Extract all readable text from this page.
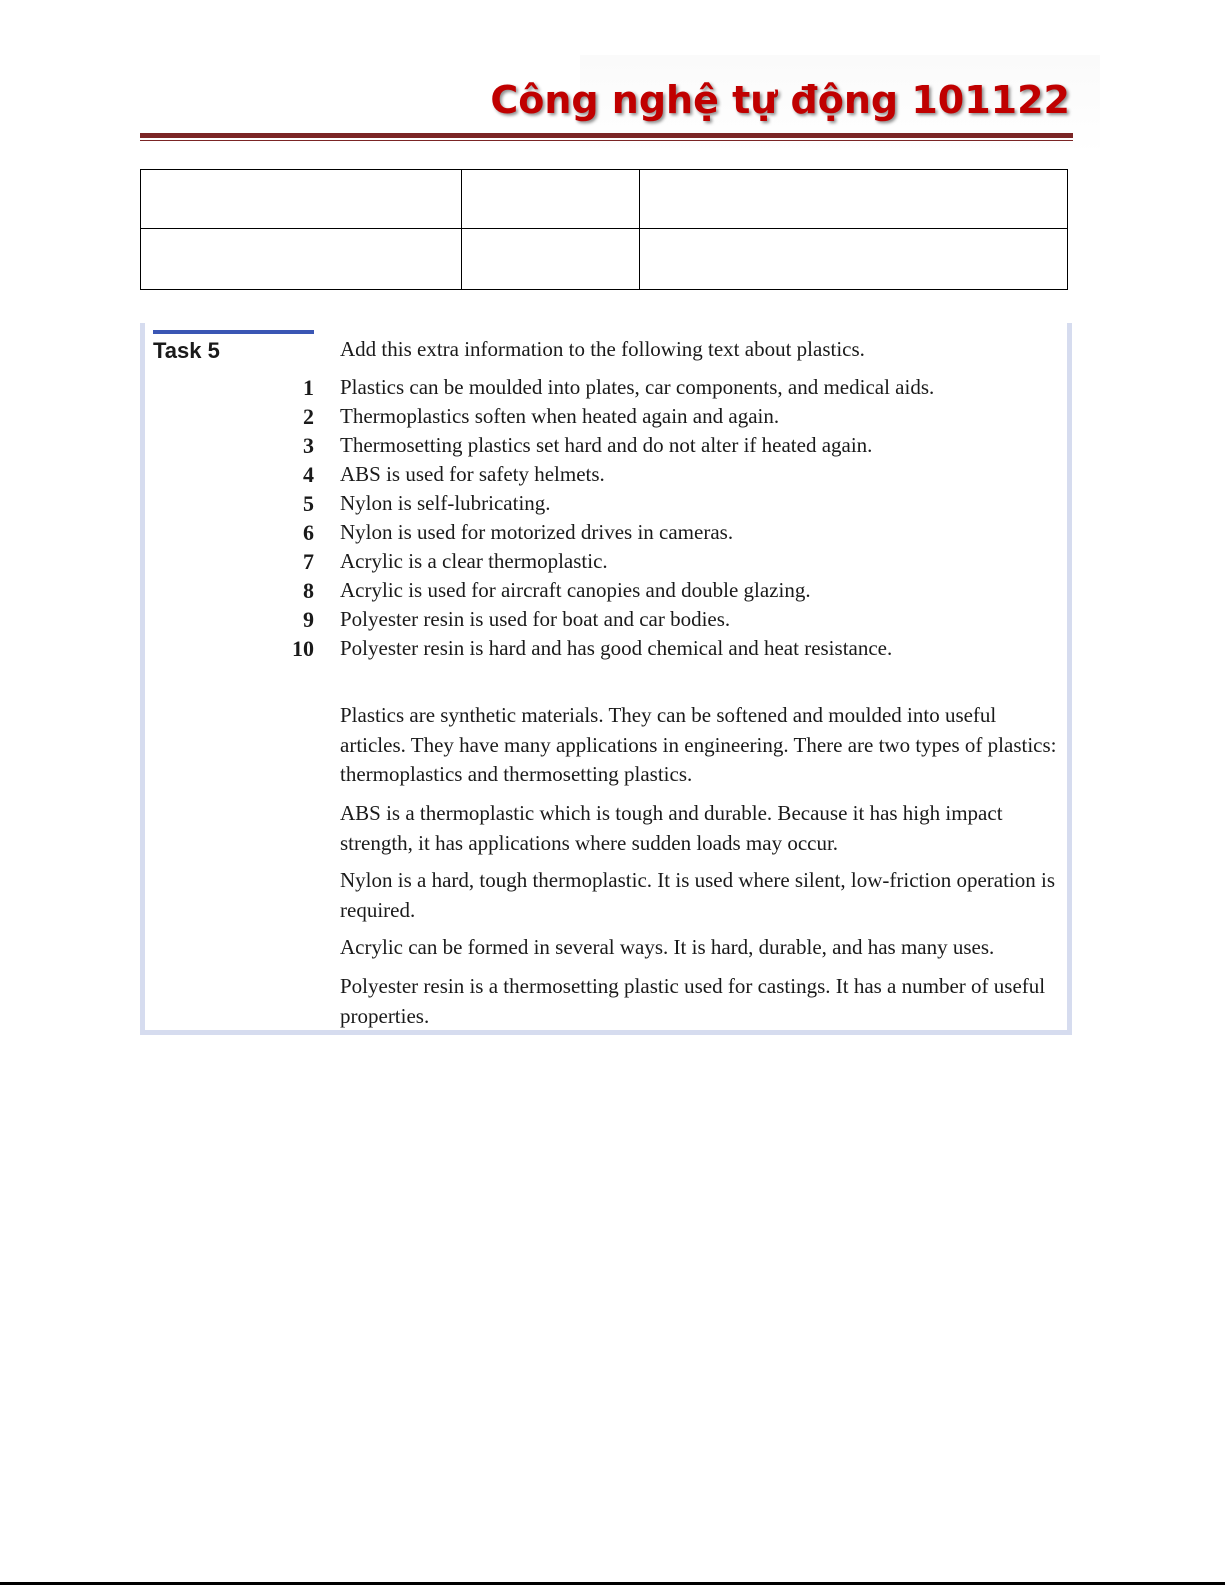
Công nghệ tự động 101122

Task 5	Add this extra information to the following text about plastics.
1 Plastics can be moulded into plates, car components, and medical aids.
2 Thermoplastics soften when heated again and again.
3 Thermosetting plastics set hard and do not alter if heated again.
4 ABS is used for safety helmets.
5 Nylon is self-lubricating.
6 Nylon is used for motorized drives in cameras.
7 Acrylic is a clear thermoplastic.
8 Acrylic is used for aircraft canopies and double glazing.
9 Polyester resin is used for boat and car bodies.
10 Polyester resin is hard and has good chemical and heat resistance.
Plastics are synthetic materials. They can be softened and moulded into useful articles. They have many applications in engineering. There are two types of plastics: thermoplastics and thermosetting plastics.
ABS is a thermoplastic which is tough and durable. Because it has high impact strength, it has applications where sudden loads may occur.
Nylon is a hard, tough thermoplastic. It is used where silent, low-friction operation is required.
Acrylic can be formed in several ways. It is hard, durable, and has many uses.
Polyester resin is a thermosetting plastic used for castings. It has a number of useful properties.
